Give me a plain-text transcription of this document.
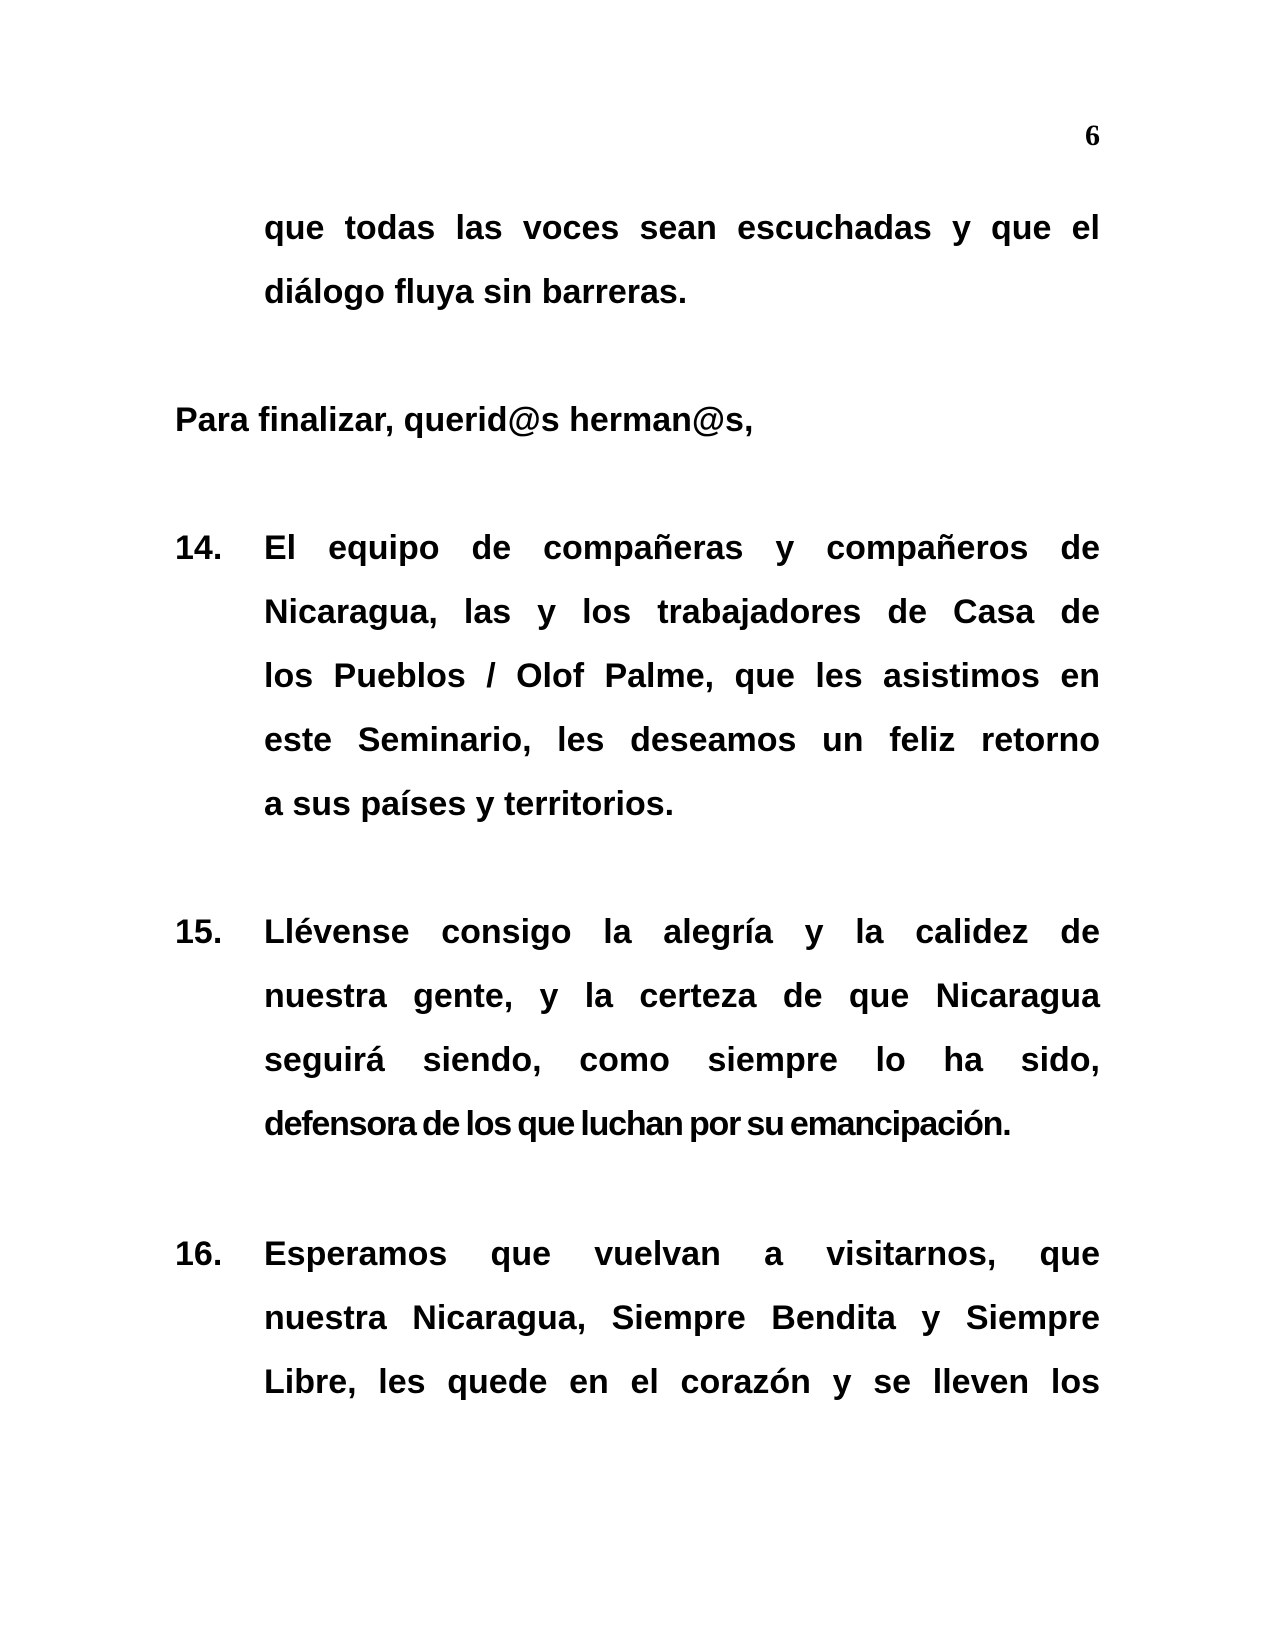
6
que todas las voces sean escuchadas y que el
diálogo fluya sin barreras.
Para finalizar, querid@s herman@s,
14.	El equipo de compañeras y compañeros de
Nicaragua, las y los trabajadores de Casa de
los Pueblos / Olof Palme, que les asistimos en
este Seminario, les deseamos un feliz retorno
a sus países y territorios.
15.	Llévense consigo la alegría y la calidez de
nuestra gente, y la certeza de que Nicaragua
seguirá siendo, como siempre lo ha sido,
defensora de los que luchan por su emancipación.
16.	Esperamos que vuelvan a visitarnos, que
nuestra Nicaragua, Siempre Bendita y Siempre
Libre, les quede en el corazón y se lleven los
